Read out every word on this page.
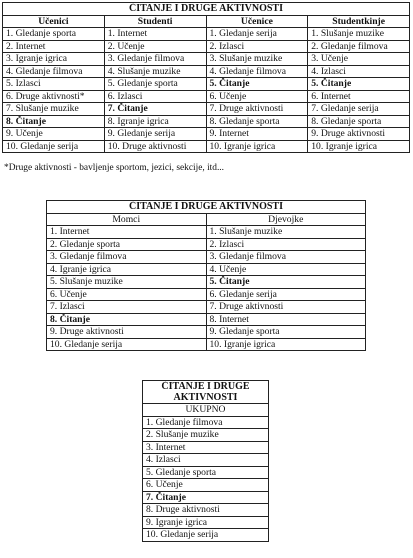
ČITANJE I DRUGE AKTIVNOSTI			
Učenici	Studenti	Učenice	Studentkinje
1. Gledanje sporta	1. Internet	1. Gledanje serija	1. Slušanje muzike
2. Internet	2. Učenje	2. Izlasci	2. Gledanje filmova
3. Igranje igrica	3. Gledanje filmova	3. Slušanje muzike	3. Učenje
4. Gledanje filmova	4. Slušanje muzike	4. Gledanje filmova	4. Izlasci
5. Izlasci	5. Gledanje sporta	5. Čitanje	5. Čitanje
6. Druge aktivnosti*	6. Izlasci	6. Učenje	6. Internet
7. Slušanje muzike	7. Čitanje	7. Druge aktivnosti	7. Gledanje serija
8. Čitanje	8. Igranje igrica	8. Gledanje sporta	8. Gledanje sporta
9. Učenje	9. Gledanje serija	9. Internet	9. Druge aktivnosti
10. Gledanje serija	10. Druge aktivnosti	10. Igranje igrica	10. Igranje igrica
*Druge aktivnosti - bavljenje sportom, jezici, sekcije, itd...
ČITANJE I DRUGE AKTIVNOSTI	
Momci	Djevojke
1. Internet	1. Slušanje muzike
2. Gledanje sporta	2. Izlasci
3. Gledanje filmova	3. Gledanje filmova
4. Igranje igrica	4. Učenje
5. Slušanje muzike	5. Čitanje
6. Učenje	6. Gledanje serija
7. Izlasci	7. Druge aktivnosti
8. Čitanje	8. Internet
9. Druge aktivnosti	9. Gledanje sporta
10. Gledanje serija	10. Igranje igrica
ČITANJE I DRUGE AKTIVNOSTI
UKUPNO
1. Gledanje filmova
2. Slušanje muzike
3. Internet
4. Izlasci
5. Gledanje sporta
6. Učenje
7. Čitanje
8. Druge aktivnosti
9. Igranje igrica
10. Gledanje serija
